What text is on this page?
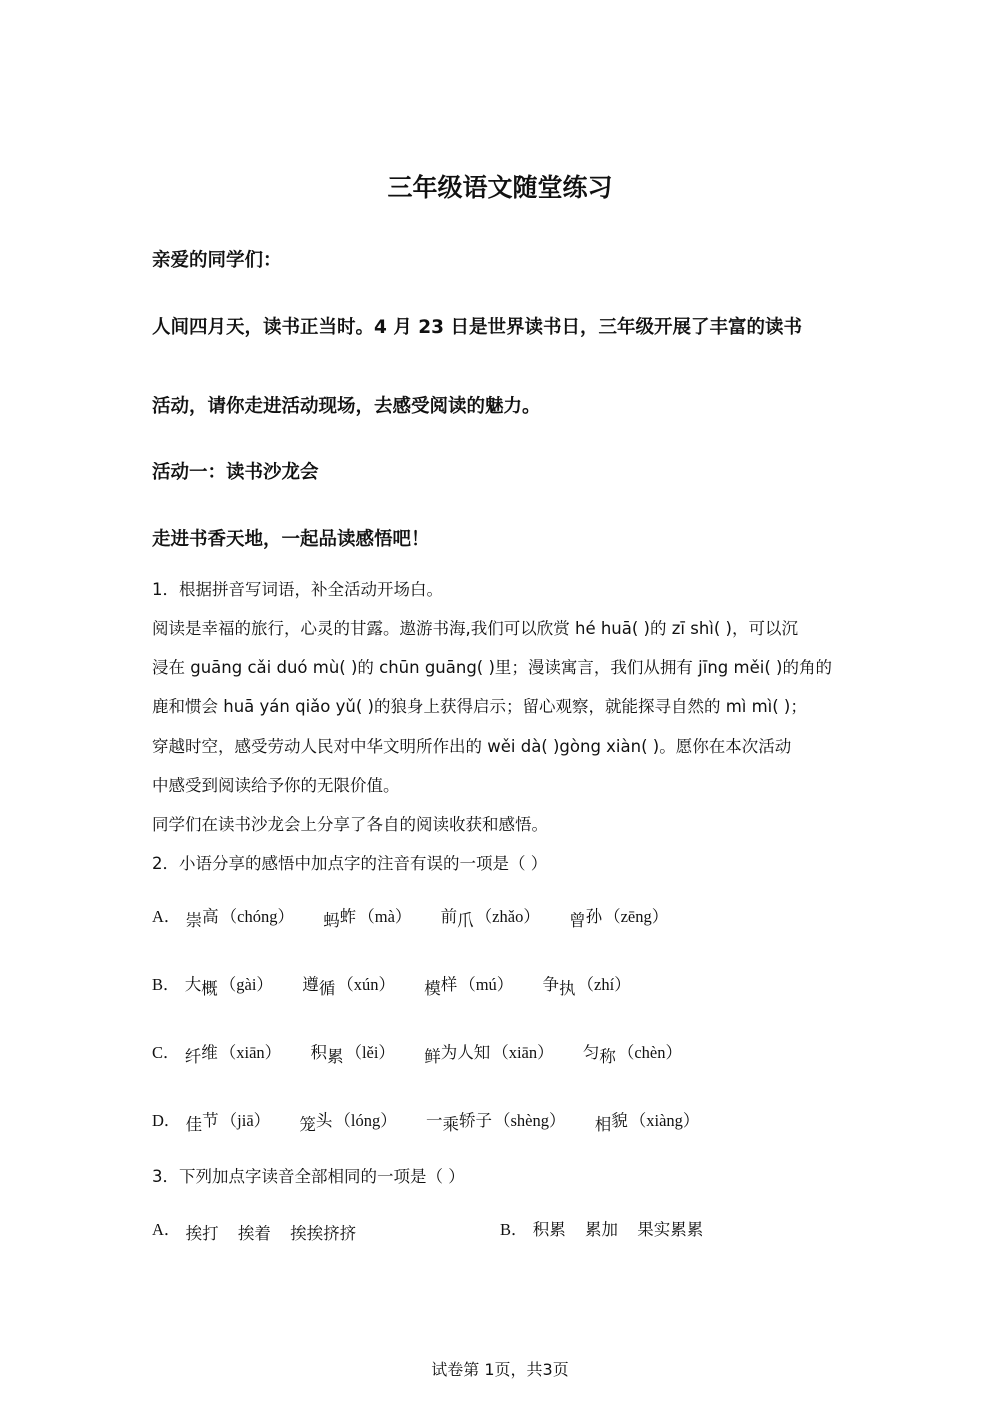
三年级语文随堂练习
亲爱的同学们：
人间四月天，读书正当时。4 月 23 日是世界读书日，三年级开展了丰富的读书
活动，请你走进活动现场，去感受阅读的魅力。
活动一：读书沙龙会
走进书香天地，一起品读感悟吧！
1．根据拼音写词语，补全活动开场白。
阅读是幸福的旅行，心灵的甘露。遨游书海,我们可以欣赏 hé huā( )的 zī shì( )，可以沉
浸在 guāng cǎi duó mù( )的 chūn guāng( )里；漫读寓言，我们从拥有 jīng měi( )的角的
鹿和惯会 huā yán qiǎo yǔ( )的狼身上获得启示；留心观察，就能探寻自然的 mì mì( )；
穿越时空，感受劳动人民对中华文明所作出的 wěi dà( )gòng xiàn( )。愿你在本次活动
中感受到阅读给予你的无限价值。
同学们在读书沙龙会上分享了各自的阅读收获和感悟。
2．小语分享的感悟中加点字的注音有误的一项是（ ）
A． 崇高 （chóng） 蚂蚱 （mà） 前爪 （zhǎo） 曾孙 （zēng）
B． 大概 （gài） 遵循 （xún） 模样 （mú） 争执 （zhí）
C． 纤维 （xiān） 积累 （lěi） 鲜为人知 （xiān） 匀称 （chèn）
D． 佳节 （jiā） 笼头 （lóng） 一乘轿子 （shèng） 相貌 （xiàng）
3．下列加点字读音全部相同的一项是（ ）
A． 挨打 挨着 挨挨挤挤	B． 积累 累加 果实累累
试卷第 1页，共3页
